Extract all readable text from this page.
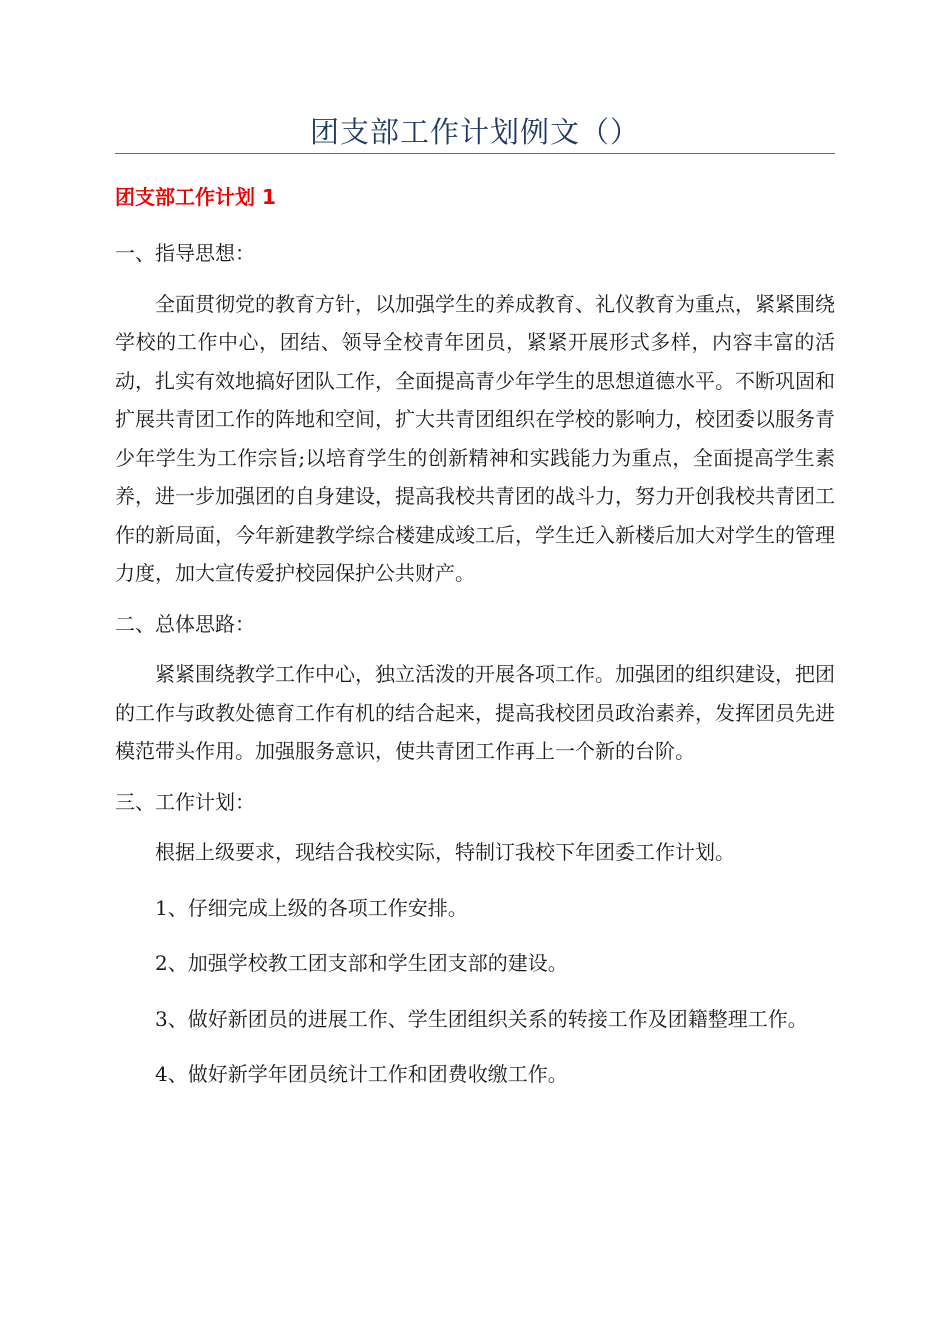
团支部工作计划例文（）
团支部工作计划 1
一、指导思想：
全面贯彻党的教育方针，以加强学生的养成教育、礼仪教育为重点，紧紧围绕学校的工作中心，团结、领导全校青年团员，紧紧开展形式多样，内容丰富的活动，扎实有效地搞好团队工作，全面提高青少年学生的思想道德水平。不断巩固和扩展共青团工作的阵地和空间，扩大共青团组织在学校的影响力，校团委以服务青少年学生为工作宗旨;以培育学生的创新精神和实践能力为重点，全面提高学生素养，进一步加强团的自身建设，提高我校共青团的战斗力，努力开创我校共青团工作的新局面，今年新建教学综合楼建成竣工后，学生迁入新楼后加大对学生的管理力度，加大宣传爱护校园保护公共财产。
二、总体思路：
紧紧围绕教学工作中心，独立活泼的开展各项工作。加强团的组织建设，把团的工作与政教处德育工作有机的结合起来，提高我校团员政治素养，发挥团员先进模范带头作用。加强服务意识，使共青团工作再上一个新的台阶。
三、工作计划：
根据上级要求，现结合我校实际，特制订我校下年团委工作计划。
1、仔细完成上级的各项工作安排。
2、加强学校教工团支部和学生团支部的建设。
3、做好新团员的进展工作、学生团组织关系的转接工作及团籍整理工作。
4、做好新学年团员统计工作和团费收缴工作。
